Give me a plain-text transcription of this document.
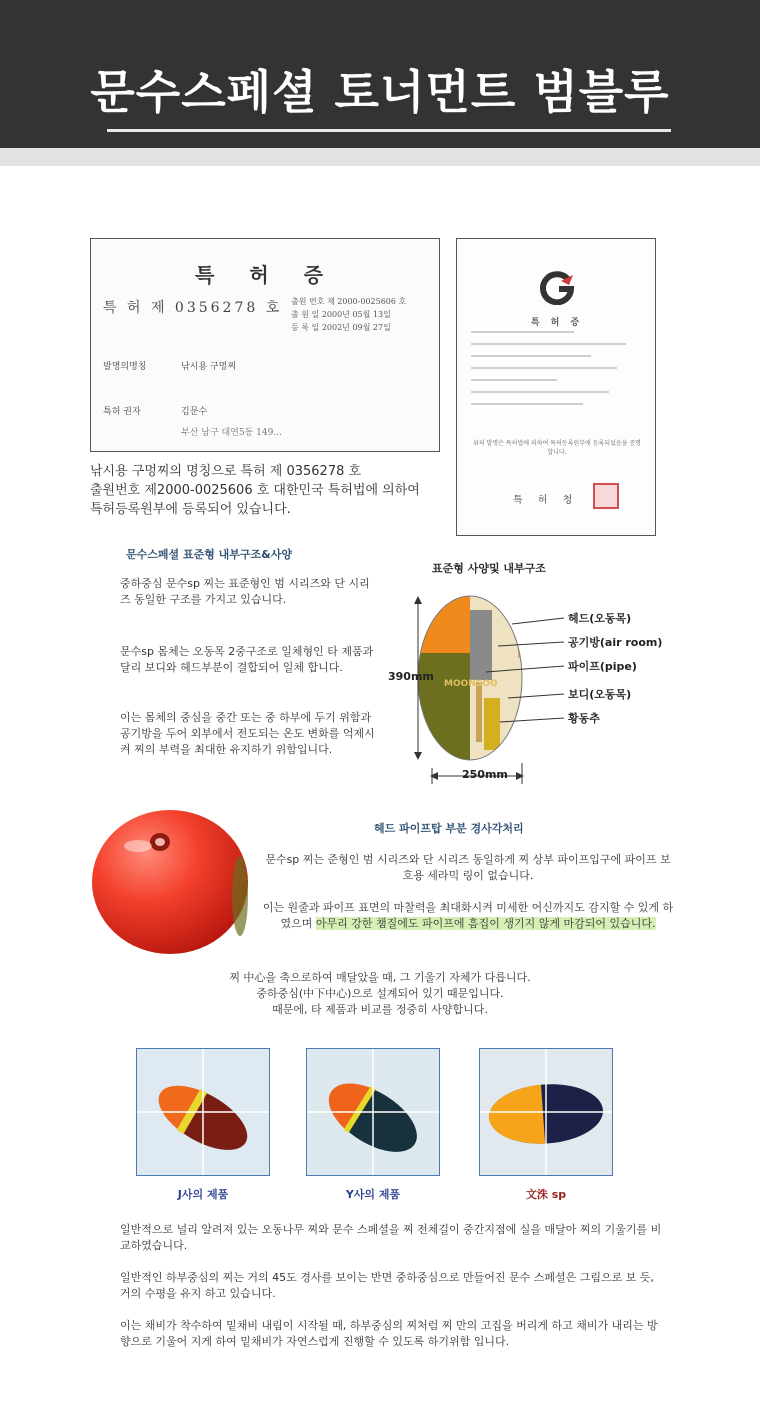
문수스페셜 토너먼트 범블루
특 허 증
특 허 제 0356278 호 출원 번호 제 2000-0025606 호
출 원 일 2000년 05월 13일
등 록 일 2002년 09월 27일
발명의명칭	낚시용 구멍찌
특허 권자	김문수
부산 남구 대연5동 149...
낚시용 구멍찌의 명칭으로 특허 제 0356278 호
출원번호 제2000-0025606 호 대한민국 특허법에 의하여
특허등록원부에 등록되어 있습니다.
특 허 증
위의 발명은 특허법에 의하여 특허등록원부에 등록되었음을 증명합니다.
특 허 청
문수스페셜 표준형 내부구조&사양
중하중심 문수sp 찌는 표준형인 범 시리즈와 단 시리즈 동일한 구조를 가지고 있습니다.
문수sp 몸체는 오동목 2중구조로 일체형인 타 제품과 달리 보디와 헤드부분이 결합되어 일체 합니다.
이는 몸체의 중심을 중간 또는 중 하부에 두기 위함과 공기방을 두어 외부에서 전도되는 온도 변화를 억제시켜 찌의 부력을 최대한 유지하기 위함입니다.
표준형 사양및 내부구조
MOONSOO
390mm
250mm
헤드(오동목)
공기방(air room)
파이프(pipe)
보디(오동목)
황동추
헤드 파이프탑 부분 경사각처리
문수sp 찌는 준형인 범 시리즈와 단 시리즈 동일하게 찌 상부 파이프입구에 파이프 보호용 세라믹 링이 없습니다.
이는 원줄과 파이프 표면의 마찰력을 최대화시켜 미세한 어신까지도 감지할 수 있게 하였으며 아무리 강한 챔질에도 파이프에 흠집이 생기지 않게 마감되어 있습니다.
찌 中心을 축으로하여 매달았을 때, 그 기울기 자체가 다릅니다.
중하중심(中下中心)으로 설계되어 있기 때문입니다.
때문에, 타 제품과 비교를 정중히 사양합니다.
J사의 제품	Y사의 제품	文洙 sp
일반적으로 널리 알려져 있는 오동나무 찌와 문수 스페셜을 찌 전체길이 중간지점에 실을 매달아 찌의 기울기를 비교하였습니다.
일반적인 하부중심의 찌는 거의 45도 경사를 보이는 반면 중하중심으로 만들어진 문수 스페셜은 그림으로 보 듯, 거의 수평을 유지 하고 있습니다.
이는 채비가 착수하여 밑채비 내림이 시작될 때, 하부중심의 찌처럼 찌 만의 고집을 버리게 하고 채비가 내리는 방향으로 기울어 지게 하여 밑채비가 자연스럽게 진행할 수 있도록 하기위함 입니다.
